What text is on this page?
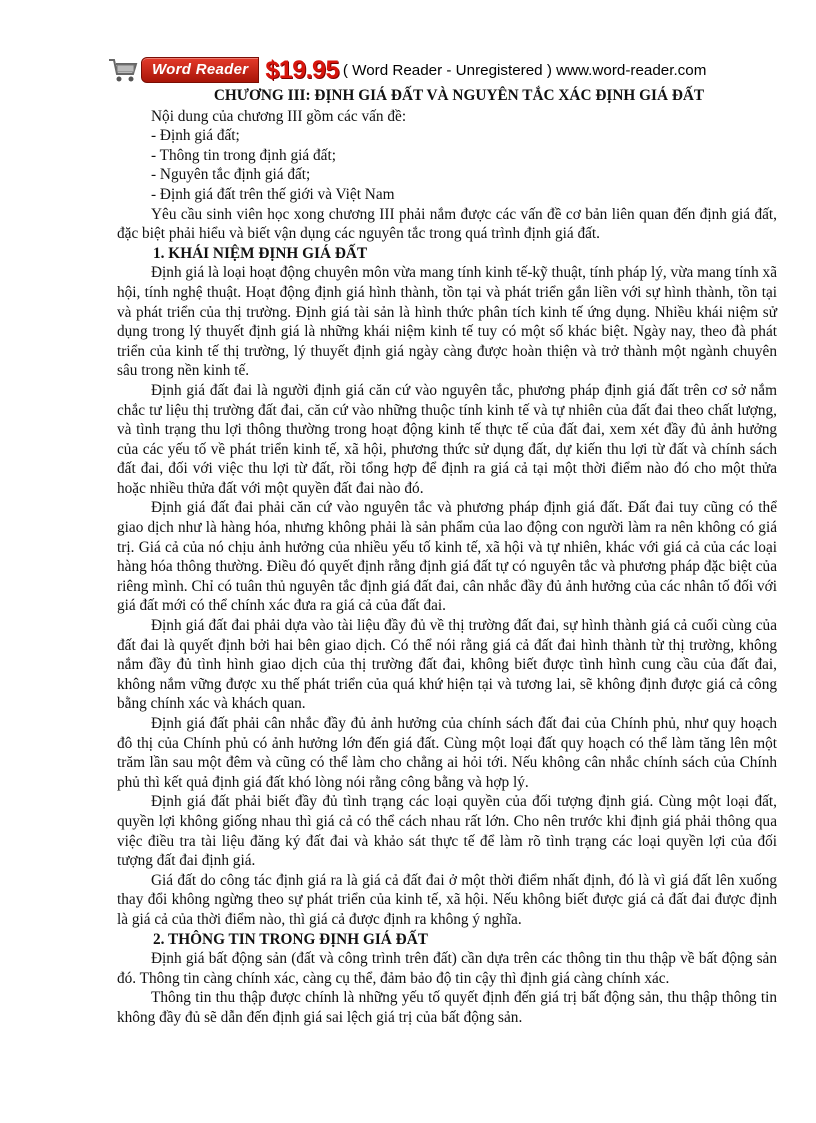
Word Reader $19.95 ( Word Reader - Unregistered ) www.word-reader.com
CHƯƠNG III: ĐỊNH GIÁ ĐẤT VÀ NGUYÊN TẮC XÁC ĐỊNH GIÁ ĐẤT
Nội dung của chương III gồm các vấn đề:
- Định giá đất;
- Thông tin trong định giá đất;
- Nguyên tắc định giá đất;
- Định giá đất trên thế giới và Việt Nam

Yêu cầu sinh viên học xong chương III phải nắm được các vấn đề cơ bản liên quan đến định giá đất, đặc biệt phải hiểu và biết vận dụng các nguyên tắc trong quá trình định giá đất.

1. KHÁI NIỆM ĐỊNH GIÁ ĐẤT

Định giá là loại hoạt động chuyên môn vừa mang tính kinh tế-kỹ thuật, tính pháp lý, vừa mang tính xã hội, tính nghệ thuật. Hoạt động định giá hình thành, tồn tại và phát triển gắn liền với sự hình thành, tồn tại và phát triển của thị trường. Định giá tài sản là hình thức phân tích kinh tế ứng dụng. Nhiều khái niệm sử dụng trong lý thuyết định giá là những khái niệm kinh tế tuy có một số khác biệt. Ngày nay, theo đà phát triển của kinh tế thị trường, lý thuyết định giá ngày càng được hoàn thiện và trở thành một ngành chuyên sâu trong nền kinh tế.

Định giá đất đai là người định giá căn cứ vào nguyên tắc, phương pháp định giá đất trên cơ sở nắm chắc tư liệu thị trường đất đai, căn cứ vào những thuộc tính kinh tế và tự nhiên của đất đai theo chất lượng, và tình trạng thu lợi thông thường trong hoạt động kinh tế thực tế của đất đai, xem xét đầy đủ ảnh hưởng của các yếu tố về phát triển kinh tế, xã hội, phương thức sử dụng đất, dự kiến thu lợi từ đất và chính sách đất đai, đối với việc thu lợi từ đất, rồi tổng hợp để định ra giá cả tại một thời điểm nào đó cho một thửa hoặc nhiều thửa đất với một quyền đất đai nào đó.

Định giá đất đai phải căn cứ vào nguyên tắc và phương pháp định giá đất. Đất đai tuy cũng có thể giao dịch như là hàng hóa, nhưng không phải là sản phẩm của lao động con người làm ra nên không có giá trị. Giá cả của nó chịu ảnh hưởng của nhiều yếu tố kinh tế, xã hội và tự nhiên, khác với giá cả của các loại hàng hóa thông thường. Điều đó quyết định rằng định giá đất tự có nguyên tắc và phương pháp đặc biệt của riêng mình. Chỉ có tuân thủ nguyên tắc định giá đất đai, cân nhắc đầy đủ ảnh hưởng của các nhân tố đối với giá đất mới có thể chính xác đưa ra giá cả của đất đai.

Định giá đất đai phải dựa vào tài liệu đầy đủ về thị trường đất đai, sự hình thành giá cả cuối cùng của đất đai là quyết định bởi hai bên giao dịch. Có thể nói rằng giá cả đất đai hình thành từ thị trường, không nắm đầy đủ tình hình giao dịch của thị trường đất đai, không biết được tình hình cung cầu của đất đai, không nắm vững được xu thế phát triển của quá khứ hiện tại và tương lai, sẽ không định được giá cả công bằng chính xác và khách quan.

Định giá đất phải cân nhắc đầy đủ ảnh hưởng của chính sách đất đai của Chính phủ, như quy hoạch đô thị của Chính phủ có ảnh hưởng lớn đến giá đất. Cùng một loại đất quy hoạch có thể làm tăng lên một trăm lần sau một đêm và cũng có thể làm cho chẳng ai hỏi tới. Nếu không cân nhắc chính sách của Chính phủ thì kết quả định giá đất khó lòng nói rằng công bằng và hợp lý.

Định giá đất phải biết đầy đủ tình trạng các loại quyền của đối tượng định giá. Cùng một loại đất, quyền lợi không giống nhau thì giá cả có thể cách nhau rất lớn. Cho nên trước khi định giá phải thông qua việc điều tra tài liệu đăng ký đất đai và khảo sát thực tế để làm rõ tình trạng các loại quyền lợi của đối tượng đất đai định giá.

Giá đất do công tác định giá ra là giá cả đất đai ở một thời điểm nhất định, đó là vì giá đất lên xuống thay đổi không ngừng theo sự phát triển của kinh tế, xã hội. Nếu không biết được giá cả đất đai được định là giá cả của thời điểm nào, thì giá cả được định ra không ý nghĩa.

2. THÔNG TIN TRONG ĐỊNH GIÁ ĐẤT

Định giá bất động sản (đất và công trình trên đất) cần dựa trên các thông tin thu thập về bất động sản đó. Thông tin càng chính xác, càng cụ thể, đảm bảo độ tin cậy thì định giá càng chính xác.

Thông tin thu thập được chính là những yếu tố quyết định đến giá trị bất động sản, thu thập thông tin không đầy đủ sẽ dẫn đến định giá sai lệch giá trị của bất động sản.
